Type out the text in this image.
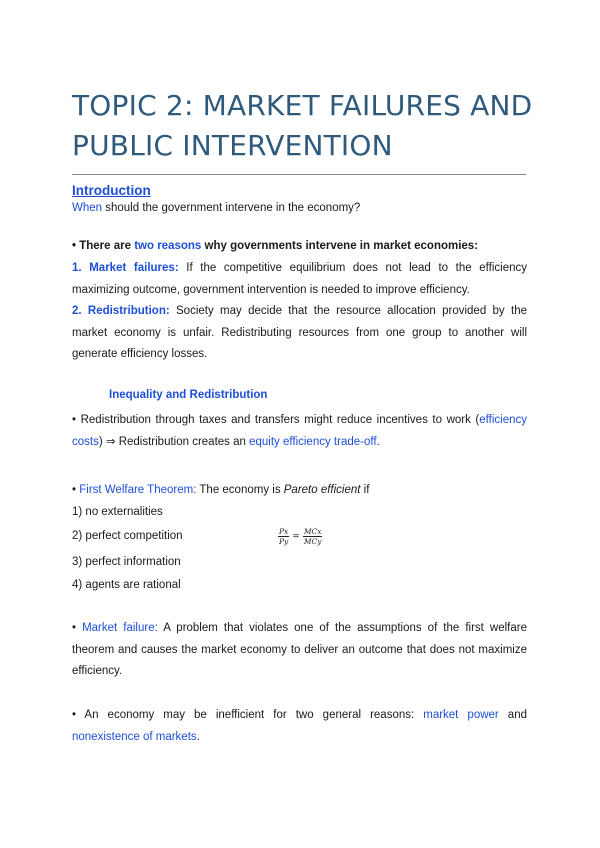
TOPIC 2: MARKET FAILURES AND PUBLIC INTERVENTION
Introduction

When should the government intervene in the economy?

• There are two reasons why governments intervene in market economies:

1. Market failures: If the competitive equilibrium does not lead to the efficiency maximizing outcome, government intervention is needed to improve efficiency.

2. Redistribution: Society may decide that the resource allocation provided by the market economy is unfair. Redistributing resources from one group to another will generate efficiency losses.

Inequality and Redistribution

• Redistribution through taxes and transfers might reduce incentives to work (efficiency costs) ⇒ Redistribution creates an equity efficiency trade-off.

• First Welfare Theorem: The economy is Pareto efficient if

1) no externalities

2) perfect competition

3) perfect information

4) agents are rational

$\frac{Px}{Py} = \frac{\text{MCx}}{\text{MCy}}$

• Market failure: A problem that violates one of the assumptions of the first welfare theorem and causes the market economy to deliver an outcome that does not maximize efficiency.

• An economy may be inefficient for two general reasons: market power and nonexistence of markets.
